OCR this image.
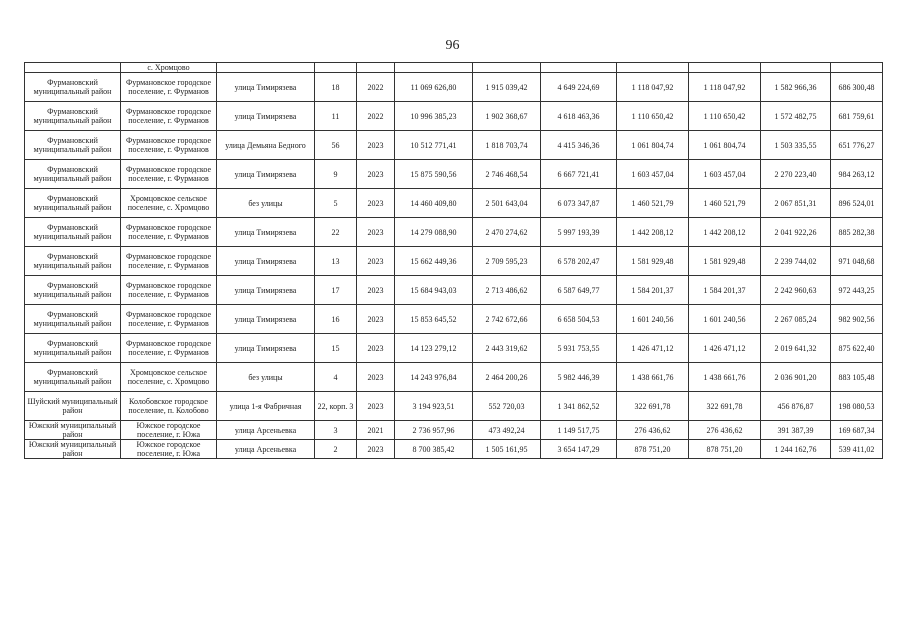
96
	с. Хромцово										
Фурмановский муниципальный район	Фурмановское городское поселение, г. Фурманов	улица Тимирязева	18	2022	11 069 626,80	1 915 039,42	4 649 224,69	1 118 047,92	1 118 047,92	1 582 966,36	686 300,48
Фурмановский муниципальный район	Фурмановское городское поселение, г. Фурманов	улица Тимирязева	11	2022	10 996 385,23	1 902 368,67	4 618 463,36	1 110 650,42	1 110 650,42	1 572 482,75	681 759,61
Фурмановский муниципальный район	Фурмановское городское поселение, г. Фурманов	улица Демьяна Бедного	56	2023	10 512 771,41	1 818 703,74	4 415 346,36	1 061 804,74	1 061 804,74	1 503 335,55	651 776,27
Фурмановский муниципальный район	Фурмановское городское поселение, г. Фурманов	улица Тимирязева	9	2023	15 875 590,56	2 746 468,54	6 667 721,41	1 603 457,04	1 603 457,04	2 270 223,40	984 263,12
Фурмановский муниципальный район	Хромцовское сельское поселение, с. Хромцово	без улицы	5	2023	14 460 409,80	2 501 643,04	6 073 347,87	1 460 521,79	1 460 521,79	2 067 851,31	896 524,01
Фурмановский муниципальный район	Фурмановское городское поселение, г. Фурманов	улица Тимирязева	22	2023	14 279 088,90	2 470 274,62	5 997 193,39	1 442 208,12	1 442 208,12	2 041 922,26	885 282,38
Фурмановский муниципальный район	Фурмановское городское поселение, г. Фурманов	улица Тимирязева	13	2023	15 662 449,36	2 709 595,23	6 578 202,47	1 581 929,48	1 581 929,48	2 239 744,02	971 048,68
Фурмановский муниципальный район	Фурмановское городское поселение, г. Фурманов	улица Тимирязева	17	2023	15 684 943,03	2 713 486,62	6 587 649,77	1 584 201,37	1 584 201,37	2 242 960,63	972 443,25
Фурмановский муниципальный район	Фурмановское городское поселение, г. Фурманов	улица Тимирязева	16	2023	15 853 645,52	2 742 672,66	6 658 504,53	1 601 240,56	1 601 240,56	2 267 085,24	982 902,56
Фурмановский муниципальный район	Фурмановское городское поселение, г. Фурманов	улица Тимирязева	15	2023	14 123 279,12	2 443 319,62	5 931 753,55	1 426 471,12	1 426 471,12	2 019 641,32	875 622,40
Фурмановский муниципальный район	Хромцовское сельское поселение, с. Хромцово	без улицы	4	2023	14 243 976,84	2 464 200,26	5 982 446,39	1 438 661,76	1 438 661,76	2 036 901,20	883 105,48
Шуйский муниципальный район	Колобовское городское поселение, п. Колобово	улица 1-я Фабричная	22, корп. 3	2023	3 194 923,51	552 720,03	1 341 862,52	322 691,78	322 691,78	456 876,87	198 080,53
Южский муниципальный район	Южское городское поселение, г. Южа	улица Арсеньевка	3	2021	2 736 957,96	473 492,24	1 149 517,75	276 436,62	276 436,62	391 387,39	169 687,34
Южский муниципальный район	Южское городское поселение, г. Южа	улица Арсеньевка	2	2023	8 700 385,42	1 505 161,95	3 654 147,29	878 751,20	878 751,20	1 244 162,76	539 411,02
